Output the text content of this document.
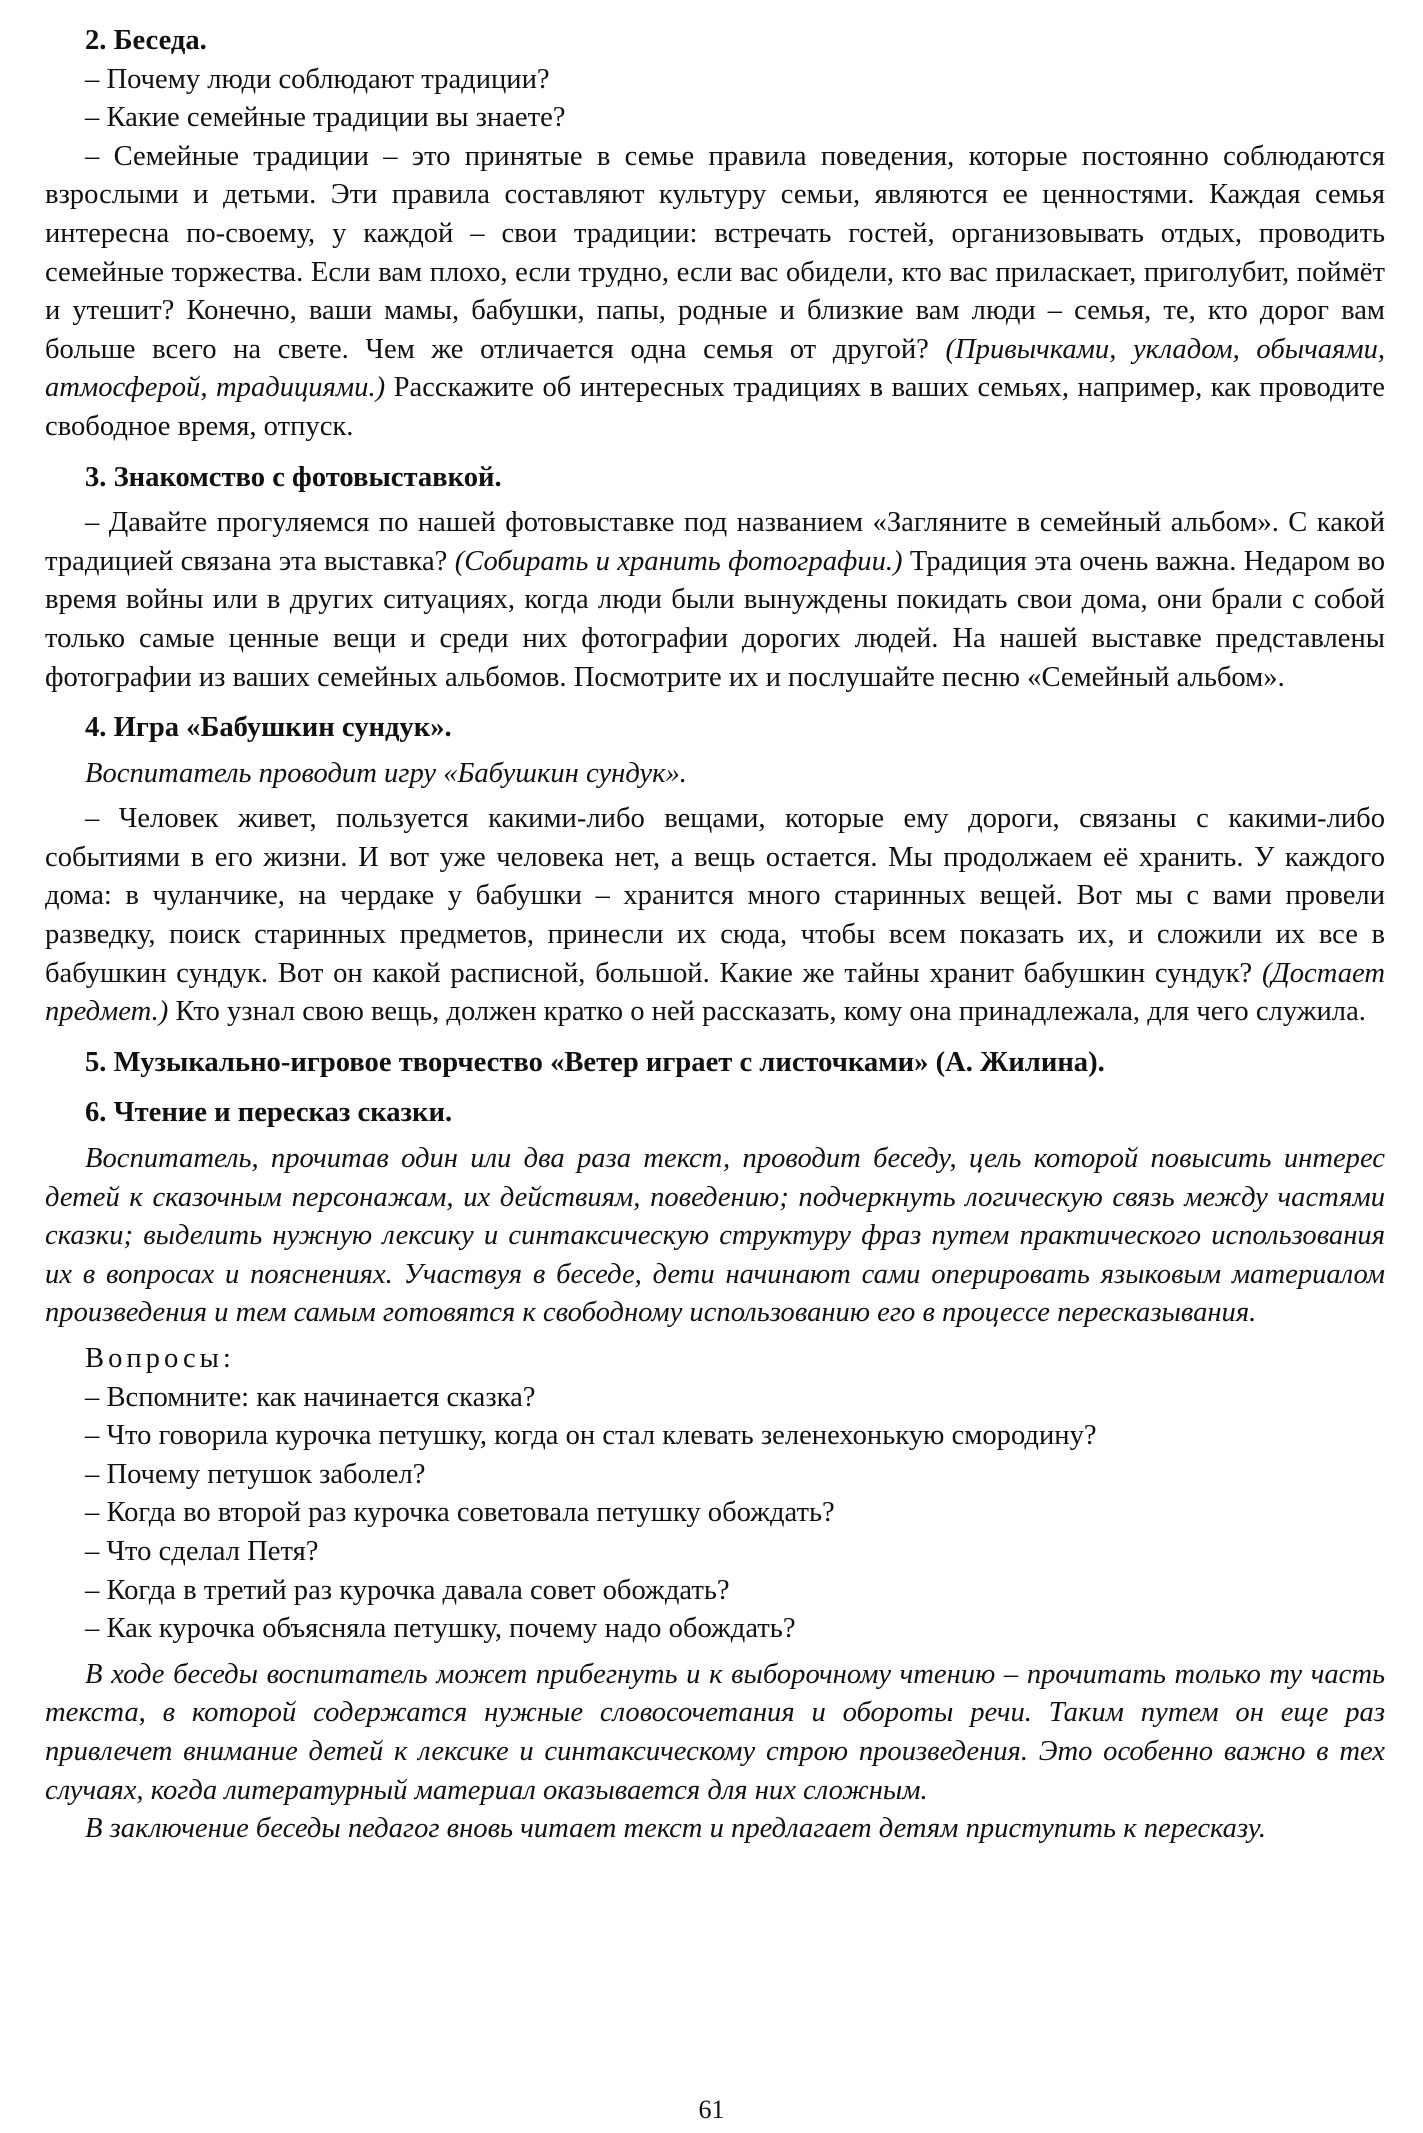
2. Беседа.

– Почему люди соблюдают традиции?

– Какие семейные традиции вы знаете?

– Семейные традиции – это принятые в семье правила поведения, которые постоянно соблюдаются взрослыми и детьми. Эти правила составляют культуру семьи, являются ее ценностями. Каждая семья интересна по-своему, у каждой – свои традиции: встречать гостей, организовывать отдых, проводить семейные торжества. Если вам плохо, если трудно, если вас обидели, кто вас приласкает, приголубит, поймёт и утешит? Конечно, ваши мамы, бабушки, папы, родные и близкие вам люди – семья, те, кто дорог вам больше всего на свете. Чем же отличается одна семья от другой? (Привычками, укладом, обычаями, атмосферой, традициями.) Расскажите об интересных традициях в ваших семьях, например, как проводите свободное время, отпуск.

3. Знакомство с фотовыставкой.

– Давайте прогуляемся по нашей фотовыставке под названием «Загляните в семейный альбом». С какой традицией связана эта выставка? (Собирать и хранить фотографии.) Традиция эта очень важна. Недаром во время войны или в других ситуациях, когда люди были вынуждены покидать свои дома, они брали с собой только самые ценные вещи и среди них фотографии дорогих людей. На нашей выставке представлены фотографии из ваших семейных альбомов. Посмотрите их и послушайте песню «Семейный альбом».

4. Игра «Бабушкин сундук».

Воспитатель проводит игру «Бабушкин сундук».

– Человек живет, пользуется какими-либо вещами, которые ему дороги, связаны с какими-либо событиями в его жизни. И вот уже человека нет, а вещь остается. Мы продолжаем её хранить. У каждого дома: в чуланчике, на чердаке у бабушки – хранится много старинных вещей. Вот мы с вами провели разведку, поиск старинных предметов, принесли их сюда, чтобы всем показать их, и сложили их все в бабушкин сундук. Вот он какой расписной, большой. Какие же тайны хранит бабушкин сундук? (Достает предмет.) Кто узнал свою вещь, должен кратко о ней рассказать, кому она принадлежала, для чего служила.

5. Музыкально-игровое творчество «Ветер играет с листочками» (А. Жилина).

6. Чтение и пересказ сказки.

Воспитатель, прочитав один или два раза текст, проводит беседу, цель которой повысить интерес детей к сказочным персонажам, их действиям, поведению; подчеркнуть логическую связь между частями сказки; выделить нужную лексику и синтаксическую структуру фраз путем практического использования их в вопросах и пояснениях. Участвуя в беседе, дети начинают сами оперировать языковым материалом произведения и тем самым готовятся к свободному использованию его в процессе пересказывания.

Вопросы:

– Вспомните: как начинается сказка?

– Что говорила курочка петушку, когда он стал клевать зеленехонькую смородину?

– Почему петушок заболел?

– Когда во второй раз курочка советовала петушку обождать?

– Что сделал Петя?

– Когда в третий раз курочка давала совет обождать?

– Как курочка объясняла петушку, почему надо обождать?

В ходе беседы воспитатель может прибегнуть и к выборочному чтению – прочитать только ту часть текста, в которой содержатся нужные словосочетания и обороты речи. Таким путем он еще раз привлечет внимание детей к лексике и синтаксическому строю произведения. Это особенно важно в тех случаях, когда литературный материал оказывается для них сложным.

В заключение беседы педагог вновь читает текст и предлагает детям приступить к пересказу.

61
